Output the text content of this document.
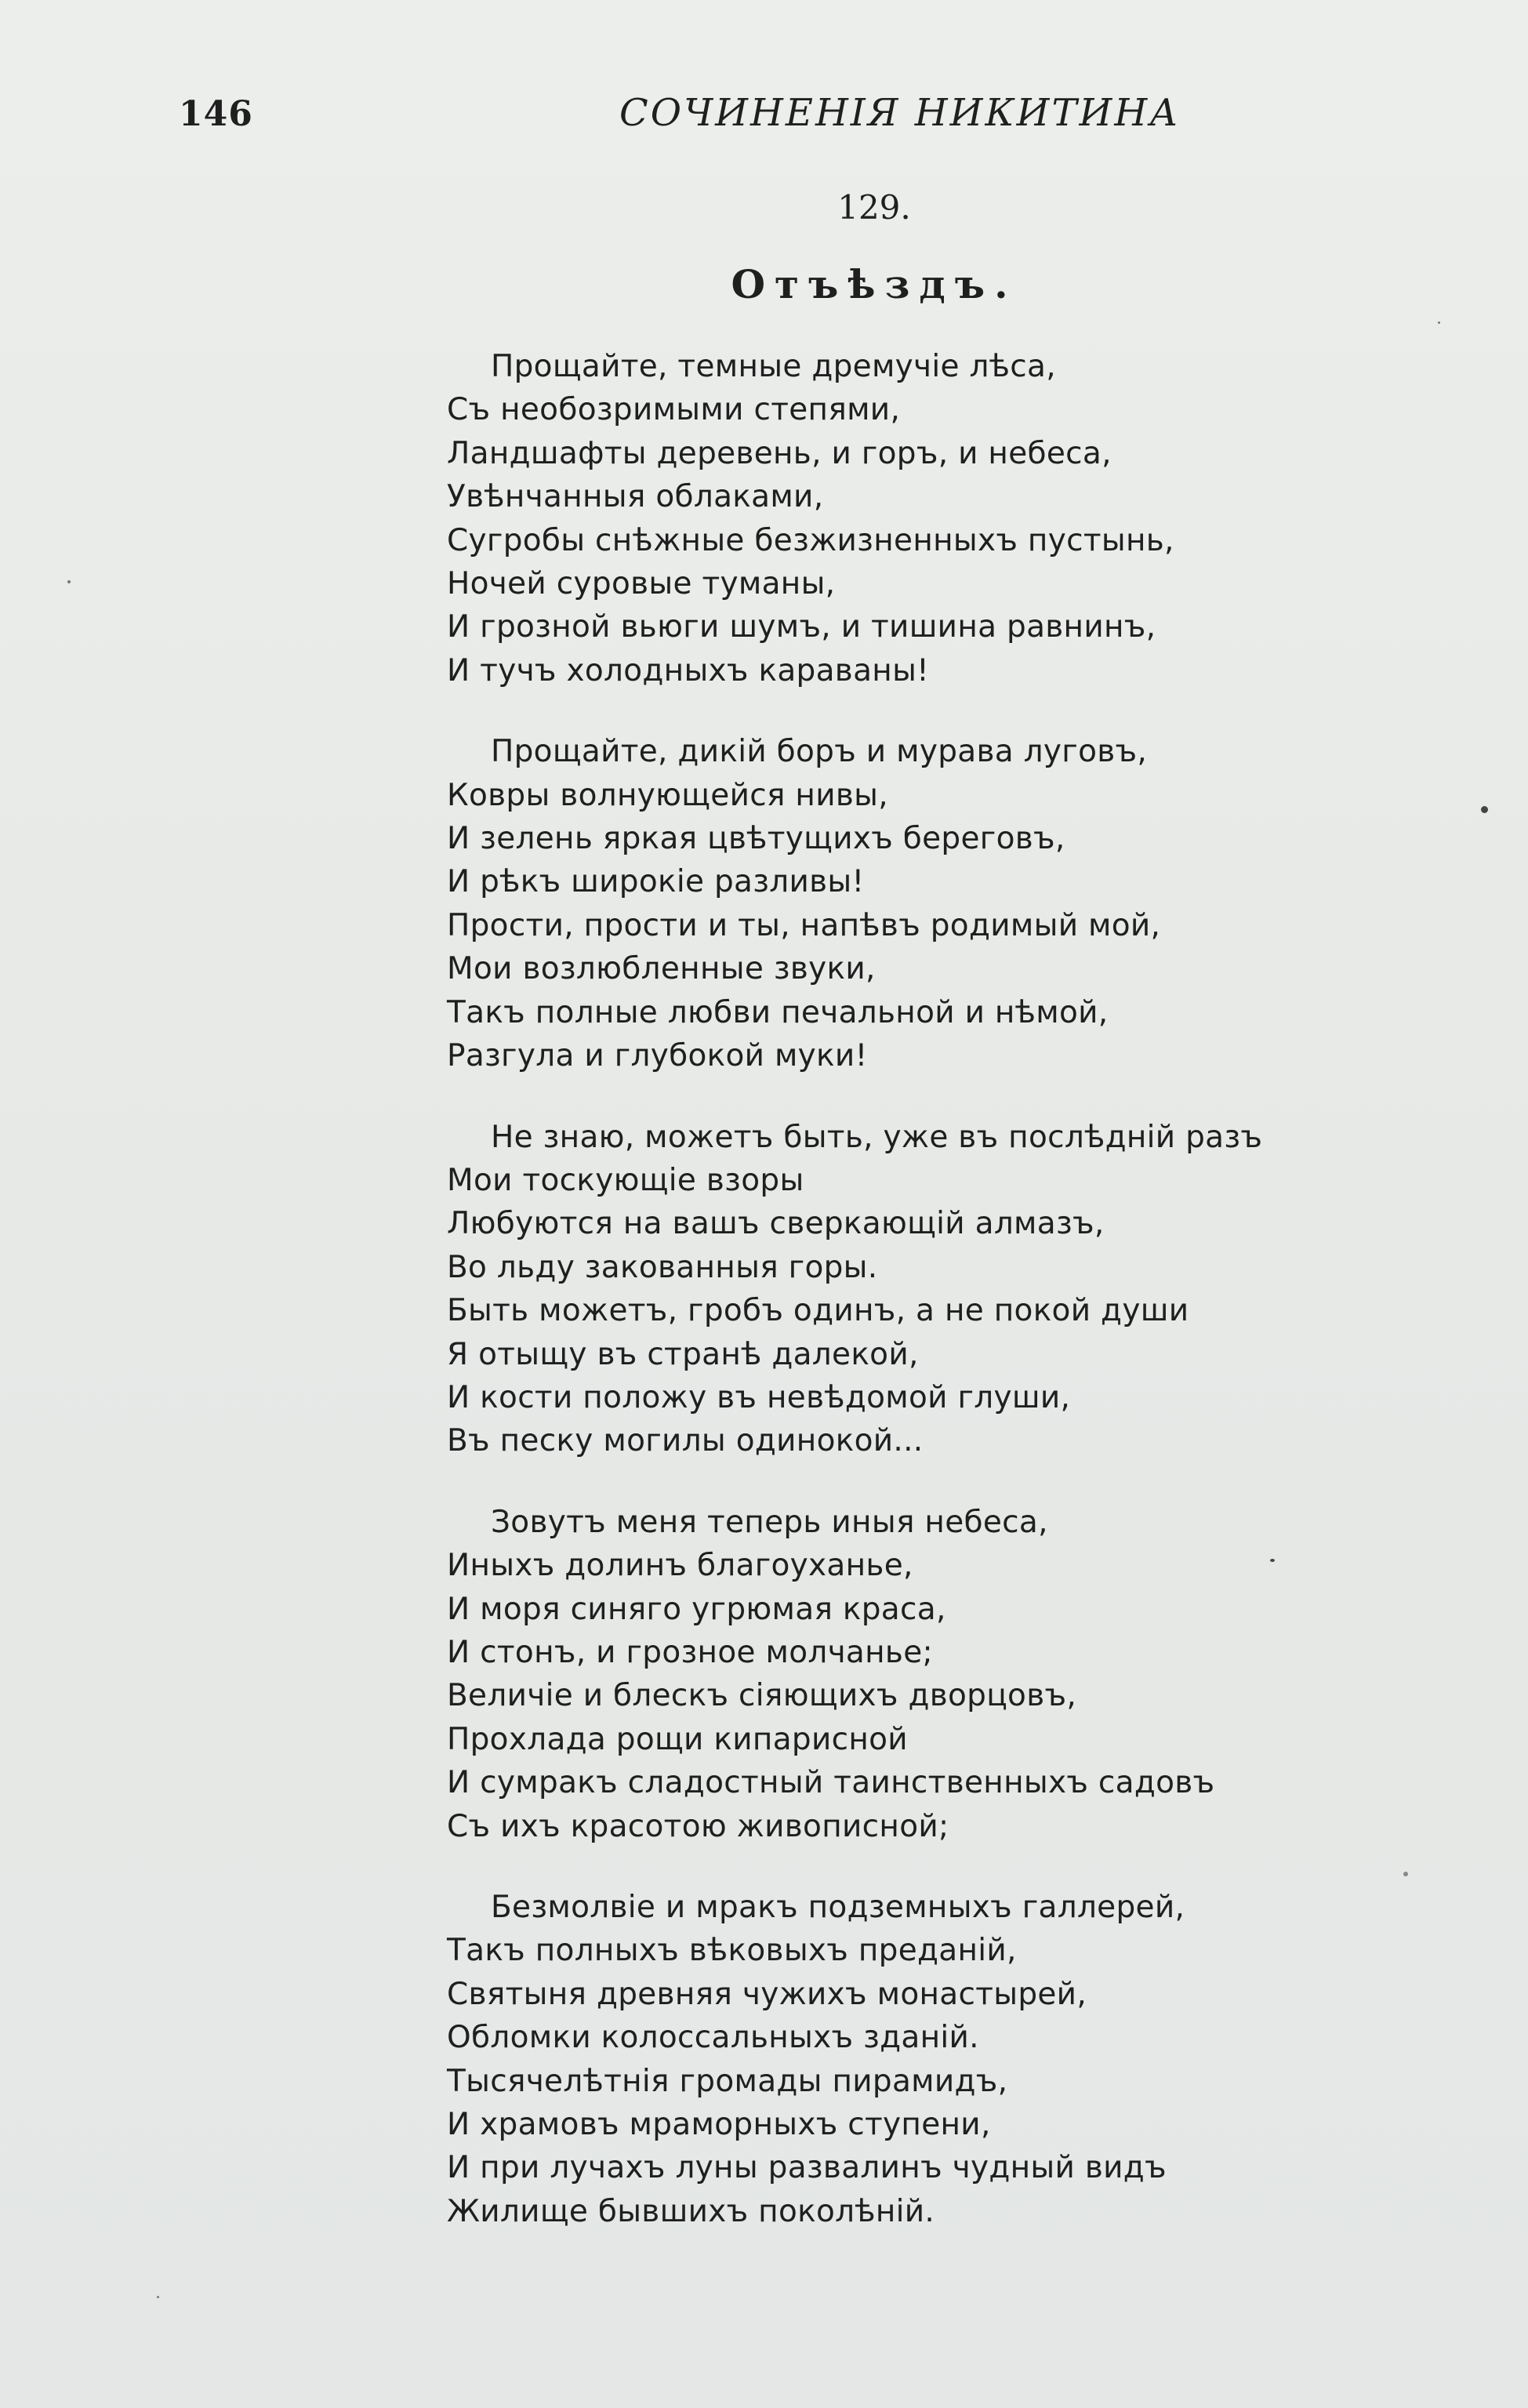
146	СОЧИНЕНІЯ НИКИТИНА
129.
Отъѣздъ.
Прощайте, темные дремучіе лѣса,
Съ необозримыми степями,
Ландшафты деревень, и горъ, и небеса,
Увѣнчанныя облаками,
Сугробы снѣжные безжизненныхъ пустынь,
Ночей суровые туманы,
И грозной вьюги шумъ, и тишина равнинъ,
И тучъ холодныхъ караваны!
Прощайте, дикій боръ и мурава луговъ,
Ковры волнующейся нивы,
И зелень яркая цвѣтущихъ береговъ,
И рѣкъ широкіе разливы!
Прости, прости и ты, напѣвъ родимый мой,
Мои возлюбленные звуки,
Такъ полные любви печальной и нѣмой,
Разгула и глубокой муки!
Не знаю, можетъ быть, уже въ послѣдній разъ
Мои тоскующіе взоры
Любуются на вашъ сверкающій алмазъ,
Во льду закованныя горы.
Быть можетъ, гробъ одинъ, а не покой души
Я отыщу въ странѣ далекой,
И кости положу въ невѣдомой глуши,
Въ песку могилы одинокой...
Зовутъ меня теперь иныя небеса,
Иныхъ долинъ благоуханье,
И моря синяго угрюмая краса,
И стонъ, и грозное молчанье;
Величіе и блескъ сіяющихъ дворцовъ,
Прохлада рощи кипарисной
И сумракъ сладостный таинственныхъ садовъ
Съ ихъ красотою живописной;
Безмолвіе и мракъ подземныхъ галлерей,
Такъ полныхъ вѣковыхъ преданій,
Святыня древняя чужихъ монастырей,
Обломки колоссальныхъ зданій.
Тысячелѣтнія громады пирамидъ,
И храмовъ мраморныхъ ступени,
И при лучахъ луны развалинъ чудный видъ
Жилище бывшихъ поколѣній.
